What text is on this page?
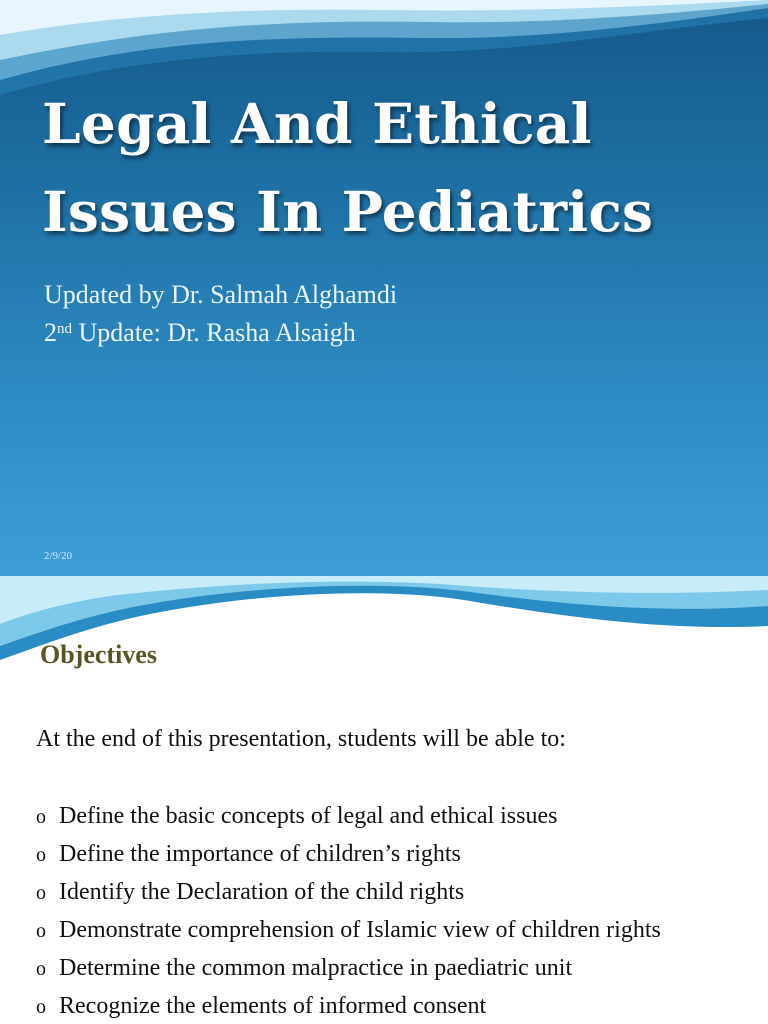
Legal And Ethical
Issues In Pediatrics
Updated by Dr. Salmah Alghamdi
2nd Update: Dr. Rasha Alsaigh
2/9/20
Objectives
At the end of this presentation, students will be able to:
o Define the basic concepts of legal and ethical issues
o Define the importance of children’s rights
o Identify the Declaration of the child rights
o Demonstrate comprehension of Islamic view of children rights
o Determine the common malpractice in paediatric unit
o Recognize the elements of informed consent
